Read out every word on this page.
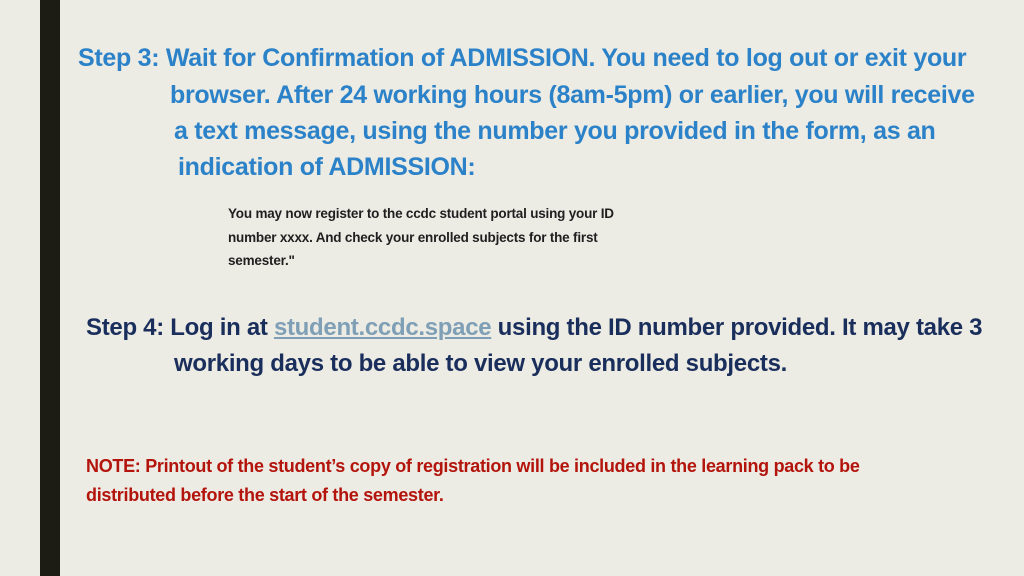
Step 3: Wait for Confirmation of ADMISSION. You need to log out or exit your
browser. After 24 working hours (8am-5pm) or earlier, you will receive
a text message, using the number you provided in the form, as an
indication of ADMISSION:
You may now register to the ccdc student portal using your ID
number xxxx. And check your enrolled subjects for the first
semester."
Step 4: Log in at student.ccdc.space using the ID number provided. It may take 3
working days to be able to view your enrolled subjects.
NOTE: Printout of the student’s copy of registration will be included in the learning pack to be
distributed before the start of the semester.
